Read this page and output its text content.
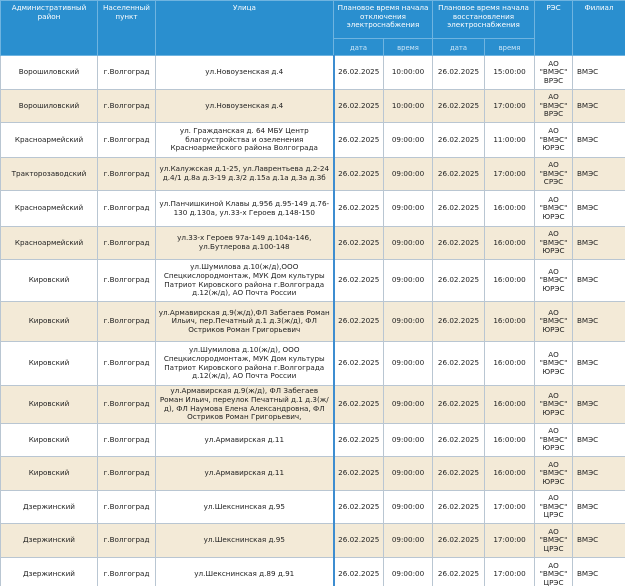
Административный район	Населенный пункт	Улица	Плановое время начала отключения электроснабжения		Плановое время начала восстановления электроснабжения		РЭС	Филиал
			дата	время	дата	время		
Ворошиловский	г.Волгоград	ул.Новоузенская д.4	26.02.2025	10:00:00	26.02.2025	15:00:00	АО "ВМЭС" ВРЭС	ВМЭС
Ворошиловский	г.Волгоград	ул.Новоузенская д.4	26.02.2025	10:00:00	26.02.2025	17:00:00	АО "ВМЭС" ВРЭС	ВМЭС
Красноармейский	г.Волгоград	ул. Гражданская д. 64 МБУ Центр благоустройства и озеленения Красноармейского района Волгограда	26.02.2025	09:00:00	26.02.2025	11:00:00	АО "ВМЭС" ЮРЭС	ВМЭС
Тракторозаводский	г.Волгоград	ул.Калужская д.1-25, ул.Лаврентьева д.2-24 д.4/1 д.8а д.3-19 д.3/2 д.15а д.1а д.3а д.3б	26.02.2025	09:00:00	26.02.2025	17:00:00	АО "ВМЭС" СРЭС	ВМЭС
Красноармейский	г.Волгоград	ул.Панчишкиной Клавы д.956 д.95-149 д.76-130 д.130а, ул.33-х Героев д.148-150	26.02.2025	09:00:00	26.02.2025	16:00:00	АО "ВМЭС" ЮРЭС	ВМЭС
Красноармейский	г.Волгоград	ул.33-х Героев 97а-149 д.104а-146, ул.Бутлерова д.100-148	26.02.2025	09:00:00	26.02.2025	16:00:00	АО "ВМЭС" ЮРЭС	ВМЭС
Кировский	г.Волгоград	ул.Шумилова д.10(ж/д),ООО Спецкислородмонтаж, МУК Дом культуры Патриот Кировского района г.Волгограда д.12(ж/д), АО Почта России	26.02.2025	09:00:00	26.02.2025	16:00:00	АО "ВМЭС" ЮРЭС	ВМЭС
Кировский	г.Волгоград	ул.Армавирская д.9(ж/д),ФЛ Забегаев Роман Ильич, пер.Печатный д.1 д.3(ж/д), ФЛ Остриков Роман Григорьевич	26.02.2025	09:00:00	26.02.2025	16:00:00	АО "ВМЭС" ЮРЭС	ВМЭС
Кировский	г.Волгоград	ул.Шумилова д.10(ж/д), ООО Спецкислородмонтаж, МУК Дом культуры Патриот Кировского района г.Волгограда д.12(ж/д), АО Почта России	26.02.2025	09:00:00	26.02.2025	16:00:00	АО "ВМЭС" ЮРЭС	ВМЭС
Кировский	г.Волгоград	ул.Армавирская д.9(ж/д), ФЛ Забегаев Роман Ильич, переулок Печатный д.1 д.3(ж/д), ФЛ Наумова Елена Александровна, ФЛ Остриков Роман Григорьевич,	26.02.2025	09:00:00	26.02.2025	16:00:00	АО "ВМЭС" ЮРЭС	ВМЭС
Кировский	г.Волгоград	ул.Армавирская д.11	26.02.2025	09:00:00	26.02.2025	16:00:00	АО "ВМЭС" ЮРЭС	ВМЭС
Кировский	г.Волгоград	ул.Армавирская д.11	26.02.2025	09:00:00	26.02.2025	16:00:00	АО "ВМЭС" ЮРЭС	ВМЭС
Дзержинский	г.Волгоград	ул.Шекснинская д.95	26.02.2025	09:00:00	26.02.2025	17:00:00	АО "ВМЭС" ЦРЭС	ВМЭС
Дзержинский	г.Волгоград	ул.Шекснинская д.95	26.02.2025	09:00:00	26.02.2025	17:00:00	АО "ВМЭС" ЦРЭС	ВМЭС
Дзержинский	г.Волгоград	ул.Шекснинская д.89 д.91	26.02.2025	09:00:00	26.02.2025	17:00:00	АО "ВМЭС" ЦРЭС	ВМЭС
